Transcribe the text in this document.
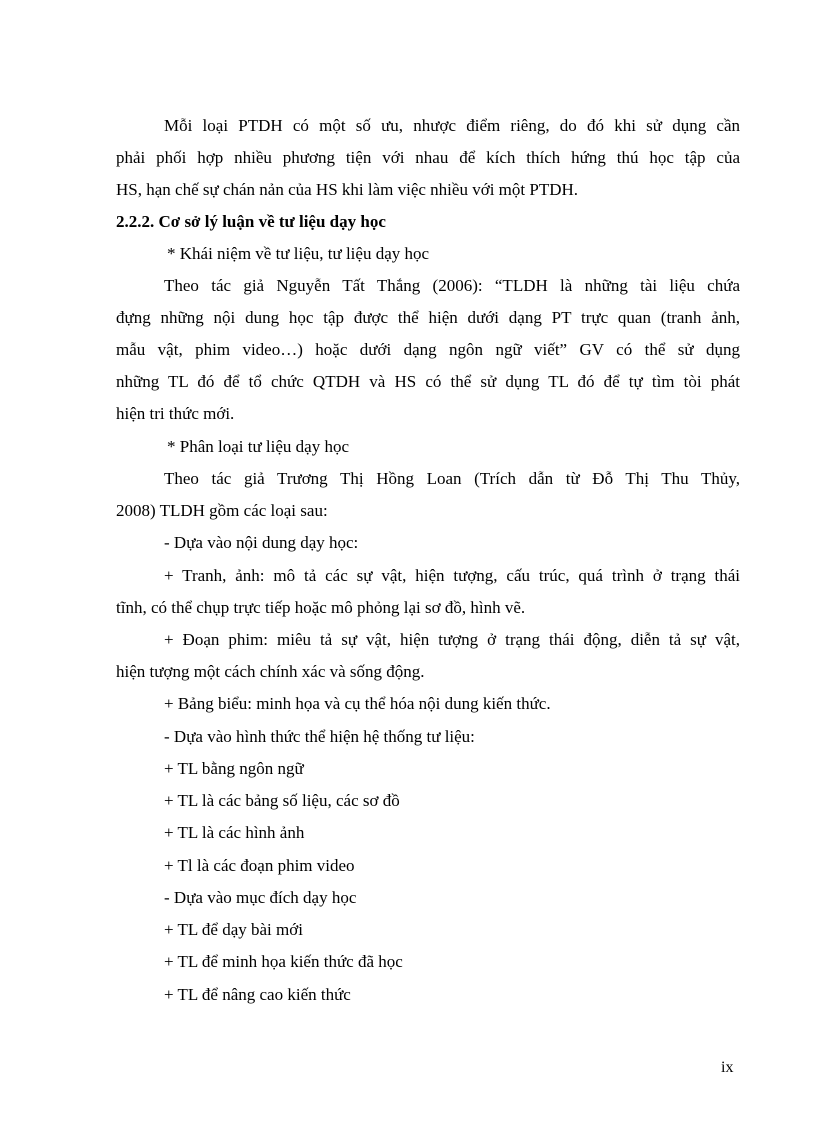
Mỗi loại PTDH có một số ưu, nhược điểm riêng, do đó khi sử dụng cần
phải phối hợp nhiều phương tiện với nhau để kích thích hứng thú học tập của
HS, hạn chế sự chán nản của HS khi làm việc nhiều với một PTDH.
2.2.2. Cơ sở lý luận về tư liệu dạy học
* Khái niệm về tư liệu, tư liệu dạy học
Theo tác giả Nguyễn Tất Thắng (2006): “TLDH là những tài liệu chứa
đựng những nội dung học tập được thể hiện dưới dạng PT trực quan (tranh ảnh,
mẫu vật, phim video…) hoặc dưới dạng ngôn ngữ viết” GV có thể sử dụng
những TL đó để tổ chức QTDH và HS có thể sử dụng TL đó để tự tìm tòi phát
hiện tri thức mới.
* Phân loại tư liệu dạy học
Theo tác giả Trương Thị Hồng Loan (Trích dẫn từ Đỗ Thị Thu Thủy,
2008) TLDH gồm các loại sau:
- Dựa vào nội dung dạy học:
+ Tranh, ảnh: mô tả các sự vật, hiện tượng, cấu trúc, quá trình ở trạng thái
tĩnh, có thể chụp trực tiếp hoặc mô phỏng lại sơ đồ, hình vẽ.
+ Đoạn phim: miêu tả sự vật, hiện tượng ở trạng thái động, diễn tả sự vật,
hiện tượng một cách chính xác và sống động.
+ Bảng biểu: minh họa và cụ thể hóa nội dung kiến thức.
- Dựa vào hình thức thể hiện hệ thống tư liệu:
+ TL bằng ngôn ngữ
+ TL là các bảng số liệu, các sơ đồ
+ TL là các hình ảnh
+ Tl là các đoạn phim video
- Dựa vào mục đích dạy học
+ TL để dạy bài mới
+ TL để minh họa kiến thức đã học
+ TL để nâng cao kiến thức
ix
